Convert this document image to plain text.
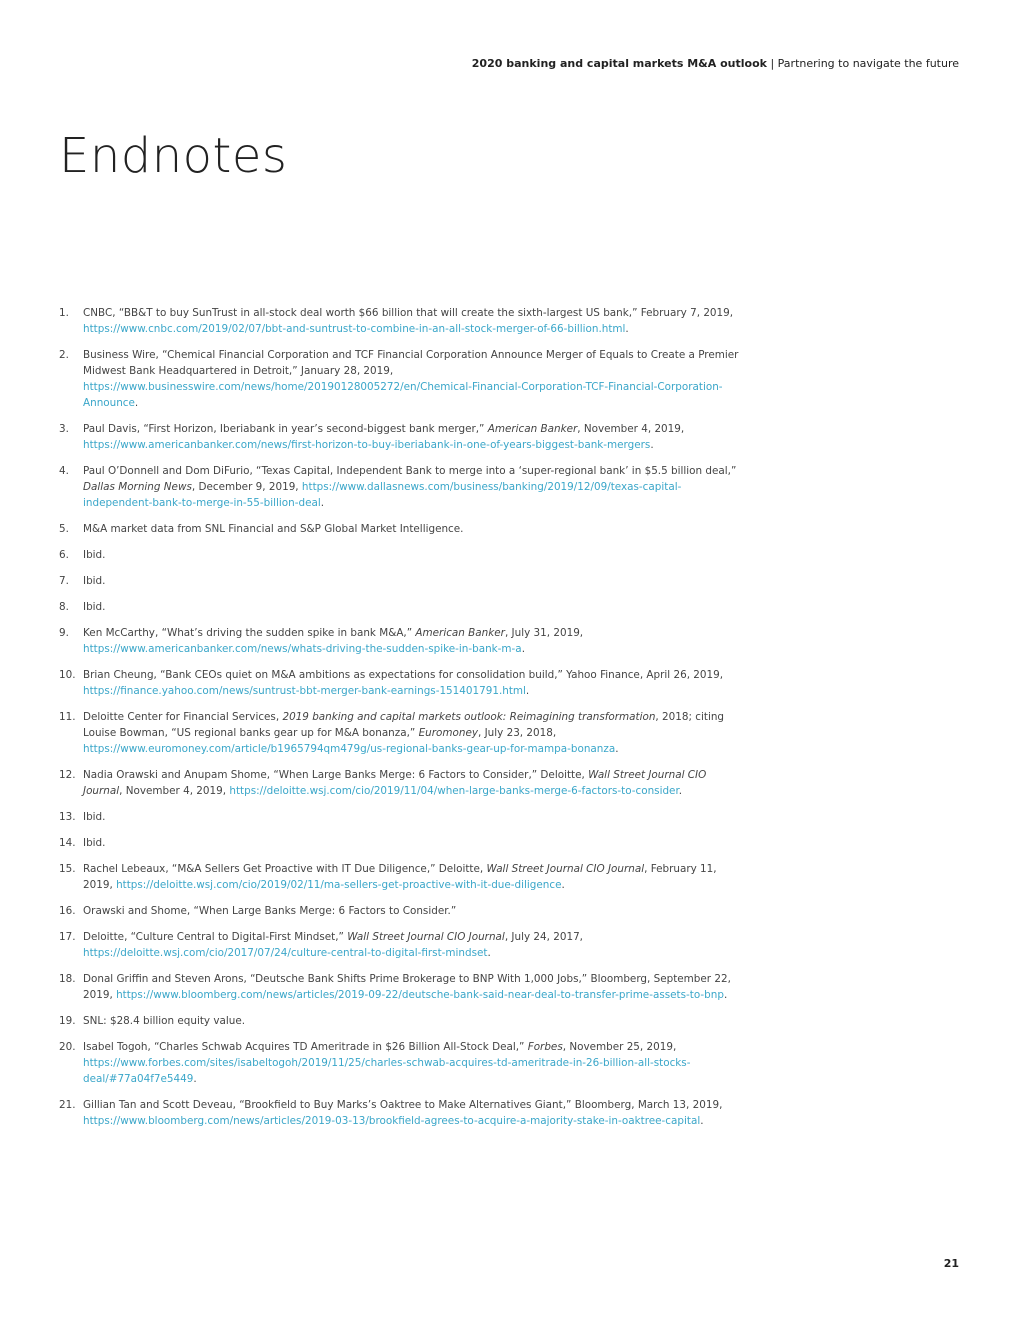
2020 banking and capital markets M&A outlook | Partnering to navigate the future
Endnotes
1.	CNBC, “BB&T to buy SunTrust in all-stock deal worth $66 billion that will create the sixth-largest US bank,” February 7, 2019, https://www.cnbc.com/2019/02/07/bbt-and-suntrust-to-combine-in-an-all-stock-merger-of-66-billion.html.
2.	Business Wire, “Chemical Financial Corporation and TCF Financial Corporation Announce Merger of Equals to Create a Premier Midwest Bank Headquartered in Detroit,” January 28, 2019, https://www.businesswire.com/news/home/20190128005272/en/Chemical-Financial-Corporation-TCF-Financial-Corporation-Announce.
3.	Paul Davis, “First Horizon, Iberiabank in year’s second-biggest bank merger,” American Banker, November 4, 2019, https://www.americanbanker.com/news/first-horizon-to-buy-iberiabank-in-one-of-years-biggest-bank-mergers.
4.	Paul O’Donnell and Dom DiFurio, “Texas Capital, Independent Bank to merge into a ‘super-regional bank’ in $5.5 billion deal,” Dallas Morning News, December 9, 2019, https://www.dallasnews.com/business/banking/2019/12/09/texas-capital-independent-bank-to-merge-in-55-billion-deal.
5.	M&A market data from SNL Financial and S&P Global Market Intelligence.
6.	Ibid.
7.	Ibid.
8.	Ibid.
9.	Ken McCarthy, “What’s driving the sudden spike in bank M&A,” American Banker, July 31, 2019, https://www.americanbanker.com/news/whats-driving-the-sudden-spike-in-bank-m-a.
10. Brian Cheung, “Bank CEOs quiet on M&A ambitions as expectations for consolidation build,” Yahoo Finance, April 26, 2019, https://finance.yahoo.com/news/suntrust-bbt-merger-bank-earnings-151401791.html.
11. Deloitte Center for Financial Services, 2019 banking and capital markets outlook: Reimagining transformation, 2018; citing Louise Bowman, “US regional banks gear up for M&A bonanza,” Euromoney, July 23, 2018, https://www.euromoney.com/article/b1965794qm479g/us-regional-banks-gear-up-for-mampa-bonanza.
12. Nadia Orawski and Anupam Shome, “When Large Banks Merge: 6 Factors to Consider,” Deloitte, Wall Street Journal CIO Journal, November 4, 2019, https://deloitte.wsj.com/cio/2019/11/04/when-large-banks-merge-6-factors-to-consider.
13. Ibid.
14. Ibid.
15. Rachel Lebeaux, “M&A Sellers Get Proactive with IT Due Diligence,” Deloitte, Wall Street Journal CIO Journal, February 11, 2019, https://deloitte.wsj.com/cio/2019/02/11/ma-sellers-get-proactive-with-it-due-diligence.
16. Orawski and Shome, “When Large Banks Merge: 6 Factors to Consider.”
17. Deloitte, “Culture Central to Digital-First Mindset,” Wall Street Journal CIO Journal, July 24, 2017, https://deloitte.wsj.com/cio/2017/07/24/culture-central-to-digital-first-mindset.
18. Donal Griffin and Steven Arons, “Deutsche Bank Shifts Prime Brokerage to BNP With 1,000 Jobs,” Bloomberg, September 22, 2019, https://www.bloomberg.com/news/articles/2019-09-22/deutsche-bank-said-near-deal-to-transfer-prime-assets-to-bnp.
19. SNL: $28.4 billion equity value.
20. Isabel Togoh, “Charles Schwab Acquires TD Ameritrade in $26 Billion All-Stock Deal,” Forbes, November 25, 2019, https://www.forbes.com/sites/isabeltogoh/2019/11/25/charles-schwab-acquires-td-ameritrade-in-26-billion-all-stocks-deal/#77a04f7e5449.
21. Gillian Tan and Scott Deveau, “Brookfield to Buy Marks’s Oaktree to Make Alternatives Giant,” Bloomberg, March 13, 2019, https://www.bloomberg.com/news/articles/2019-03-13/brookfield-agrees-to-acquire-a-majority-stake-in-oaktree-capital.
21
